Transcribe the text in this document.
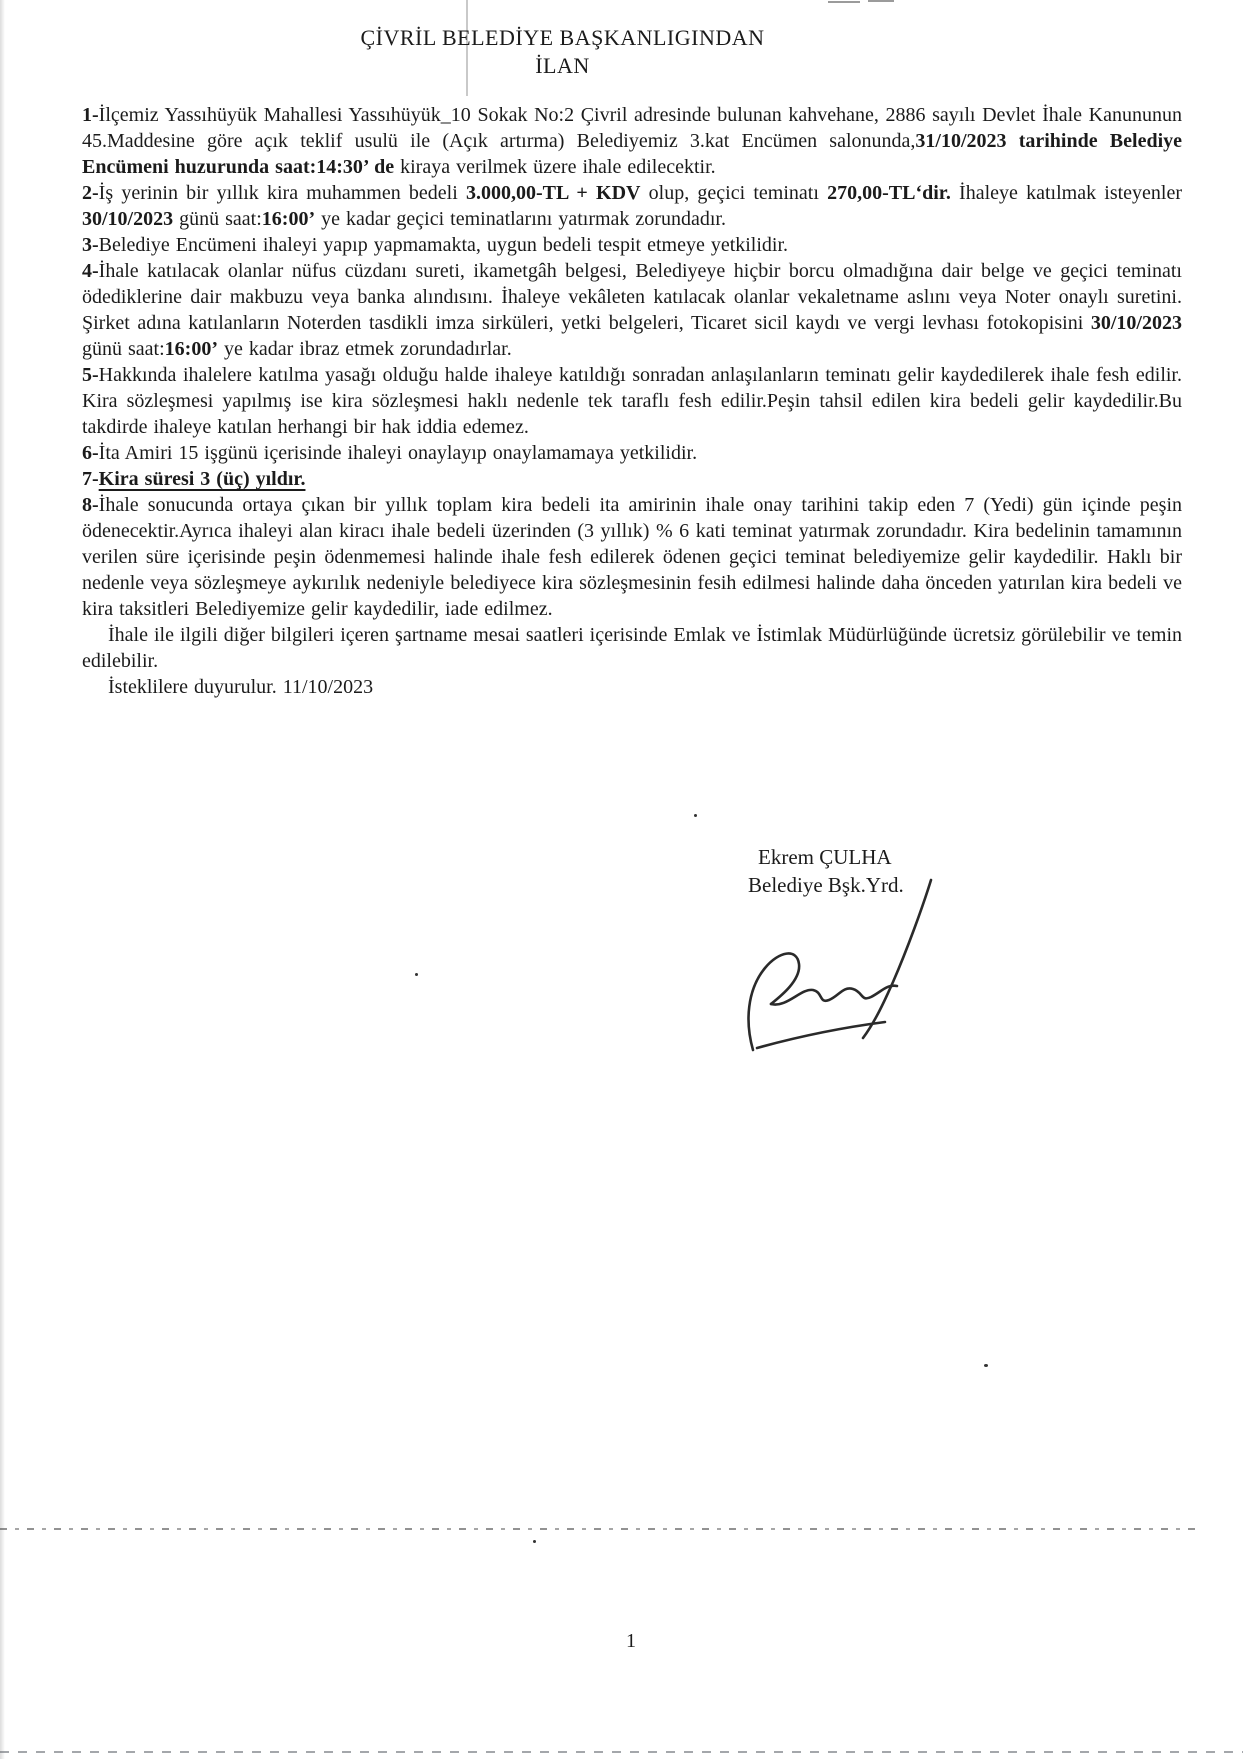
ÇİVRİL BELEDİYE BAŞKANLIGINDAN
İLAN

1-İlçemiz Yassıhüyük Mahallesi Yassıhüyük_10 Sokak No:2 Çivril adresinde bulunan kahvehane, 2886 sayılı Devlet İhale Kanununun 45.Maddesine göre açık teklif usulü ile (Açık artırma) Belediyemiz 3.kat Encümen salonunda,31/10/2023 tarihinde Belediye Encümeni huzurunda saat:14:30’ de kiraya verilmek üzere ihale edilecektir.

2-İş yerinin bir yıllık kira muhammen bedeli 3.000,00-TL + KDV olup, geçici teminatı 270,00-TL‘dir. İhaleye katılmak isteyenler 30/10/2023 günü saat:16:00’ ye kadar geçici teminatlarını yatırmak zorundadır.

3-Belediye Encümeni ihaleyi yapıp yapmamakta, uygun bedeli tespit etmeye yetkilidir.

4-İhale katılacak olanlar nüfus cüzdanı sureti, ikametgâh belgesi, Belediyeye hiçbir borcu olmadığına dair belge ve geçici teminatı ödediklerine dair makbuzu veya banka alındısını. İhaleye vekâleten katılacak olanlar vekaletname aslını veya Noter onaylı suretini. Şirket adına katılanların Noterden tasdikli imza sirküleri, yetki belgeleri, Ticaret sicil kaydı ve vergi levhası fotokopisini 30/10/2023 günü saat:16:00’ ye kadar ibraz etmek zorundadırlar.

5-Hakkında ihalelere katılma yasağı olduğu halde ihaleye katıldığı sonradan anlaşılanların teminatı gelir kaydedilerek ihale fesh edilir. Kira sözleşmesi yapılmış ise kira sözleşmesi haklı nedenle tek taraflı fesh edilir.Peşin tahsil edilen kira bedeli gelir kaydedilir.Bu takdirde ihaleye katılan herhangi bir hak iddia edemez.

6-İta Amiri 15 işgünü içerisinde ihaleyi onaylayıp onaylamamaya yetkilidir.

7-Kira süresi 3 (üç) yıldır.

8-İhale sonucunda ortaya çıkan bir yıllık toplam kira bedeli ita amirinin ihale onay tarihini takip eden 7 (Yedi) gün içinde peşin ödenecektir.Ayrıca ihaleyi alan kiracı ihale bedeli üzerinden (3 yıllık) % 6 kati teminat yatırmak zorundadır. Kira bedelinin tamamının verilen süre içerisinde peşin ödenmemesi halinde ihale fesh edilerek ödenen geçici teminat belediyemize gelir kaydedilir. Haklı bir nedenle veya sözleşmeye aykırılık nedeniyle belediyece kira sözleşmesinin fesih edilmesi halinde daha önceden yatırılan kira bedeli ve kira taksitleri Belediyemize gelir kaydedilir, iade edilmez.

İhale ile ilgili diğer bilgileri içeren şartname mesai saatleri içerisinde Emlak ve İstimlak Müdürlüğünde ücretsiz görülebilir ve temin edilebilir.

İsteklilere duyurulur. 11/10/2023

Ekrem ÇULHA
Belediye Bşk.Yrd.
1
